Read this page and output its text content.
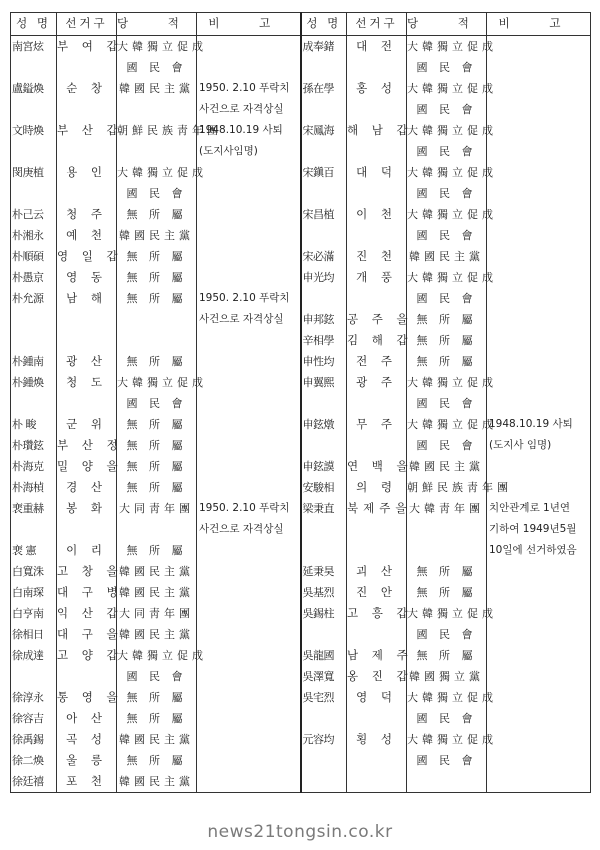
성 명	선거구	당 적	비 고	성 명	선거구	당 적	비 고
南宮炫	부 여 갑	大韓獨立促成		成奉鍺	대 전	大韓獨立促成	
		國 民 會				國 民 會	
盧鎰煥	순 창	韓國民主黨	1950. 2.10 푸락치	孫在學	홍 성	大韓獨立促成	
			사건으로 자격상실			國 民 會	
文時煥	부 산 갑	朝鮮民族靑年團	1948.10.19 사퇴	宋鳳海	해 남 갑	大韓獨立促成	
			(도지사임명)			國 民 會	
閔庚植	용 인	大韓獨立促成		宋鎭百	대 덕	大韓獨立促成	
		國 民 會				國 民 會	
朴己云	청 주	無 所 屬		宋昌植	이 천	大韓獨立促成	
朴湘永	예 천	韓國民主黨				國 民 會	
朴順碩	영 일 갑	無 所 屬		宋必滿	진 천	韓國民主黨	
朴愚京	영 동	無 所 屬		申光均	개 풍	大韓獨立促成	
朴允源	남 해	無 所 屬	1950. 2.10 푸락치			國 民 會	
			사건으로 자격상실	申邦鉉	공 주 을	無 所 屬	
				辛相學	김 해 갑	無 所 屬	
朴鍾南	광 산	無 所 屬		申性均	전 주	無 所 屬	
朴鍾煥	청 도	大韓獨立促成		申翼熙	광 주	大韓獨立促成	
		國 民 會				國 民 會	
朴 畯	군 위	無 所 屬		申鉉燉	무 주	大韓獨立促成	1948.10.19 사퇴
朴瓚鉉	부 산 정	無 所 屬				國 民 會	(도지사 임명)
朴海克	밀 양 을	無 所 屬		申鉉謨	연 백 을	韓國民主黨	
朴海楨	경 산	無 所 屬		安駿相	의 령	朝鮮民族靑年團	
裵重赫	봉 화	大同靑年團	1950. 2.10 푸락치	梁秉直	북제주을	大韓靑年團	치안관계로 1년연
			사건으로 자격상실				기하여 1949년5월
裵 憲	이 리	無 所 屬					10일에 선거하였음
白寬洙	고 창 을	韓國民主黨		延秉昊	괴 산	無 所 屬	
白南琛	대 구 병	韓國民主黨		吳基烈	진 안	無 所 屬	
白亨南	익 산 갑	大同靑年團		吳錫柱	고 흥 갑	大韓獨立促成	
徐相日	대 구 을	韓國民主黨				國 民 會	
徐成達	고 양 갑	大韓獨立促成		吳龍國	남 제 주	無 所 屬	
		國 民 會		吳澤寬	옹 진 갑	韓國獨立黨	
徐淳永	통 영 을	無 所 屬		吳宅烈	영 덕	大韓獨立促成	
徐容吉	아 산	無 所 屬				國 民 會	
徐禹錫	곡 성	韓國民主黨		元容均	횡 성	大韓獨立促成	
徐二煥	울 릉	無 所 屬				國 民 會	
徐廷禧	포 천	韓國民主黨					
news21tongsin.co.kr
